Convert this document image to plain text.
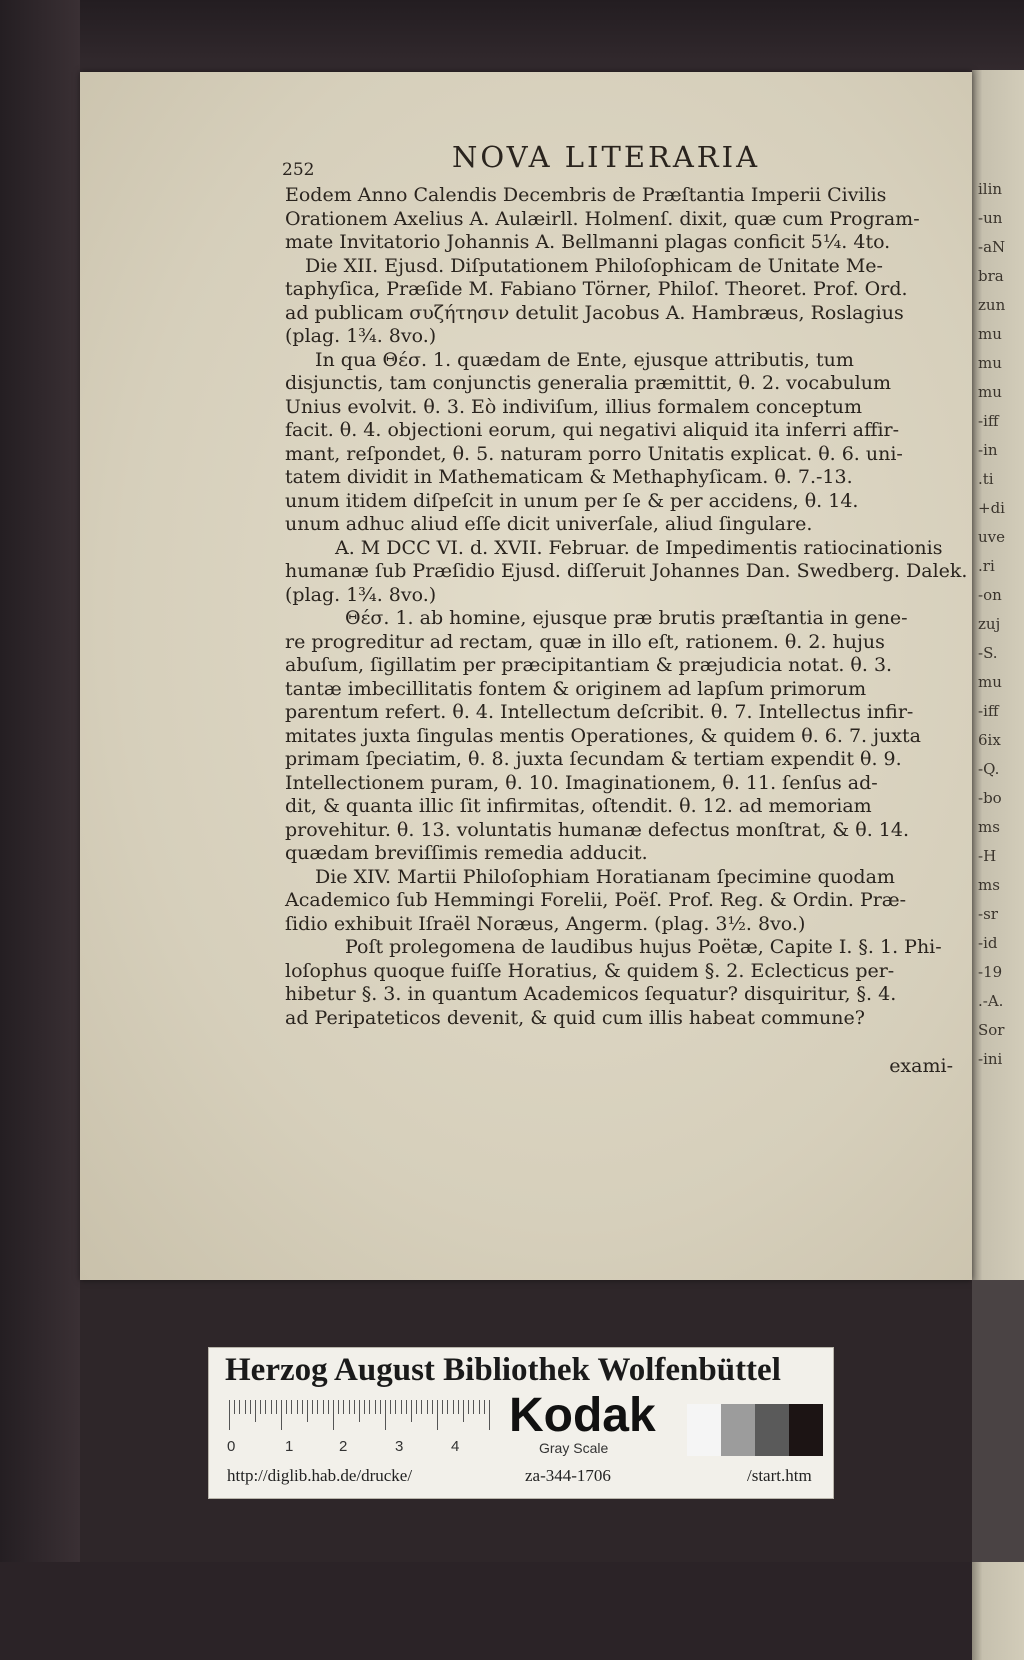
ilin
-un
-aN
bra
zun
mu
mu
mu
-iff
-in
.ti
+di
uve
.ri
-on
zuj
-S.
mu
-iff
6ix
-Q.
-bo
ms
-H
ms
-sr
-id
-19
.-A.
Sor
-ini
252	NOVA LITERARIA
exami-
Eodem Anno Calendis Decembris de Præſtantia Imperii Civilis
Orationem Axelius A. Aulæirll. Holmenſ. dixit, quæ cum Program-
mate Invitatorio Johannis A. Bellmanni plagas conficit 5¼. 4to.
Die XII. Ejusd. Diſputationem Philoſophicam de Unitate Me-
taphyſica, Præſide M. Fabiano Törner, Philoſ. Theoret. Prof. Ord.
ad publicam συζήτησιν detulit Jacobus A. Hambræus, Roslagius
(plag. 1¾. 8vo.)
In qua Θέσ. 1. quædam de Ente, ejusque attributis, tum
disjunctis, tam conjunctis generalia præmittit, θ. 2. vocabulum
Unius evolvit. θ. 3. Eò indiviſum, illius formalem conceptum
facit. θ. 4. objectioni eorum, qui negativi aliquid ita inferri affir-
mant, reſpondet, θ. 5. naturam porro Unitatis explicat. θ. 6. uni-
tatem dividit in Mathematicam & Methaphyſicam. θ. 7.-13.
unum itidem diſpeſcit in unum per ſe & per accidens, θ. 14.
unum adhuc aliud eſſe dicit univerſale, aliud ſingulare.
A. M DCC VI. d. XVII. Februar. de Impedimentis ratiocinationis
humanæ ſub Præſidio Ejusd. diſſeruit Johannes Dan. Swedberg. Dalek.
(plag. 1¾. 8vo.)
Θέσ. 1. ab homine, ejusque præ brutis præſtantia in gene-
re progreditur ad rectam, quæ in illo eſt, rationem. θ. 2. hujus
abuſum, ſigillatim per præcipitantiam & præjudicia notat. θ. 3.
tantæ imbecillitatis fontem & originem ad lapſum primorum
parentum refert. θ. 4. Intellectum deſcribit. θ. 7. Intellectus infir-
mitates juxta ſingulas mentis Operationes, & quidem θ. 6. 7. juxta
primam ſpeciatim, θ. 8. juxta ſecundam & tertiam expendit θ. 9.
Intellectionem puram, θ. 10. Imaginationem, θ. 11. ſenſus ad-
dit, & quanta illic ſit infirmitas, oſtendit. θ. 12. ad memoriam
provehitur. θ. 13. voluntatis humanæ defectus monſtrat, & θ. 14.
quædam breviſſimis remedia adducit.
Die XIV. Martii Philoſophiam Horatianam ſpecimine quodam
Academico ſub Hemmingi Forelii, Poëſ. Prof. Reg. & Ordin. Præ-
ſidio exhibuit Iſraël Noræus, Angerm. (plag. 3½. 8vo.)
Poſt prolegomena de laudibus hujus Poëtæ, Capite I. §. 1. Phi-
loſophus quoque fuiſſe Horatius, & quidem §. 2. Eclecticus per-
hibetur §. 3. in quantum Academicos ſequatur? disquiritur, §. 4.
ad Peripateticos devenit, & quid cum illis habeat commune?
Herzog August Bibliothek Wolfenbüttel
0	1	2	3	4
Kodak
Gray Scale
http://diglib.hab.de/drucke/	za-344-1706	/start.htm
